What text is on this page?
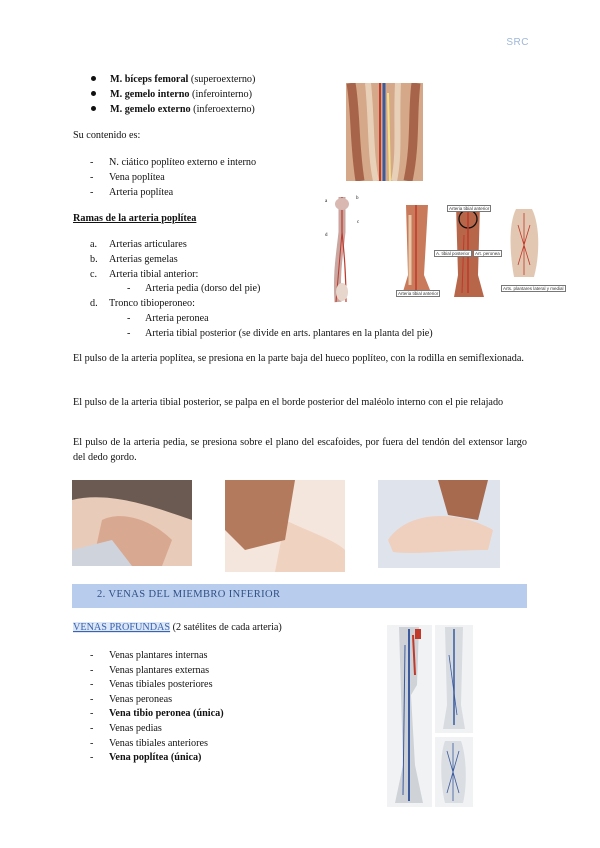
SRC
M. bíceps femoral (superoexterno)
M. gemelo interno (inferointerno)
M. gemelo externo (inferoexterno)
Su contenido es:
- N. ciático poplíteo externo e interno
- Vena poplítea
- Arteria poplítea
Ramas de la arteria poplítea
a. Arterias articulares
b. Arterias gemelas
c. Arteria tibial anterior:
- Arteria pedia (dorso del pie)
d. Tronco tibioperoneo:
- Arteria peronea
- Arteria tibial posterior (se divide en arts. plantares en la planta del pie)
a
b
c
d
Arteria tibial anterior
Arteria tibial anterior
A. tibial posterior	Art. peronea
Arts. plantares lateral y medial
El pulso de la arteria poplítea, se presiona en la parte baja del hueco poplíteo, con la rodilla en semiflexionada.
El pulso de la arteria tibial posterior, se palpa en el borde posterior del maléolo interno con el pie relajado
El pulso de la arteria pedia, se presiona sobre el plano del escafoides, por fuera del tendón del extensor largo del dedo gordo.
2. VENAS DEL MIEMBRO INFERIOR
VENAS PROFUNDAS (2 satélites de cada arteria)
- Venas plantares internas
- Venas plantares externas
- Venas tibiales posteriores
- Venas peroneas
- Vena tibio peronea (única)
- Venas pedias
- Venas tibiales anteriores
- Vena poplítea (única)
